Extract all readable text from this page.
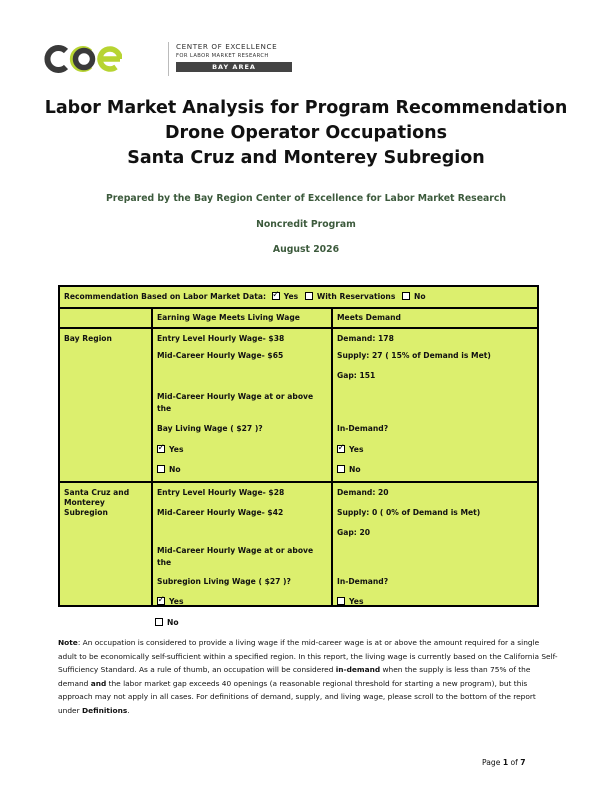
CENTER OF EXCELLENCE
FOR LABOR MARKET RESEARCH
BAY AREA
Labor Market Analysis for Program Recommendation
Drone Operator Occupations
Santa Cruz and Monterey Subregion
Prepared by the Bay Region Center of Excellence for Labor Market Research
Noncredit Program
August 2026
Recommendation Based on Labor Market Data: ✓ Yes With Reservations No
Earning Wage Meets Living Wage	Meets Demand
Bay Region	Entry Level Hourly Wage- $38
Mid-Career Hourly Wage- $65
Mid-Career Hourly Wage at or above
the
Bay Living Wage ( $27 )?
✓Yes
No
Demand: 178
Supply: 27 ( 15% of Demand is Met)
Gap: 151
In-Demand?
✓Yes
No
Santa Cruz and
Monterey
Subregion
Entry Level Hourly Wage- $28
Mid-Career Hourly Wage- $42
Mid-Career Hourly Wage at or above
the
Subregion Living Wage ( $27 )?
✓Yes
Demand: 20
Supply: 0 ( 0% of Demand is Met)
Gap: 20
In-Demand?
Yes
No
Note: An occupation is considered to provide a living wage if the mid-career wage is at or above the amount required for a single adult to be economically self-sufficient within a specified region. In this report, the living wage is currently based on the California Self-Sufficiency Standard. As a rule of thumb, an occupation will be considered in-demand when the supply is less than 75% of the demand and the labor market gap exceeds 40 openings (a reasonable regional threshold for starting a new program), but this approach may not apply in all cases. For definitions of demand, supply, and living wage, please scroll to the bottom of the report under Definitions.
Page 1 of 7
